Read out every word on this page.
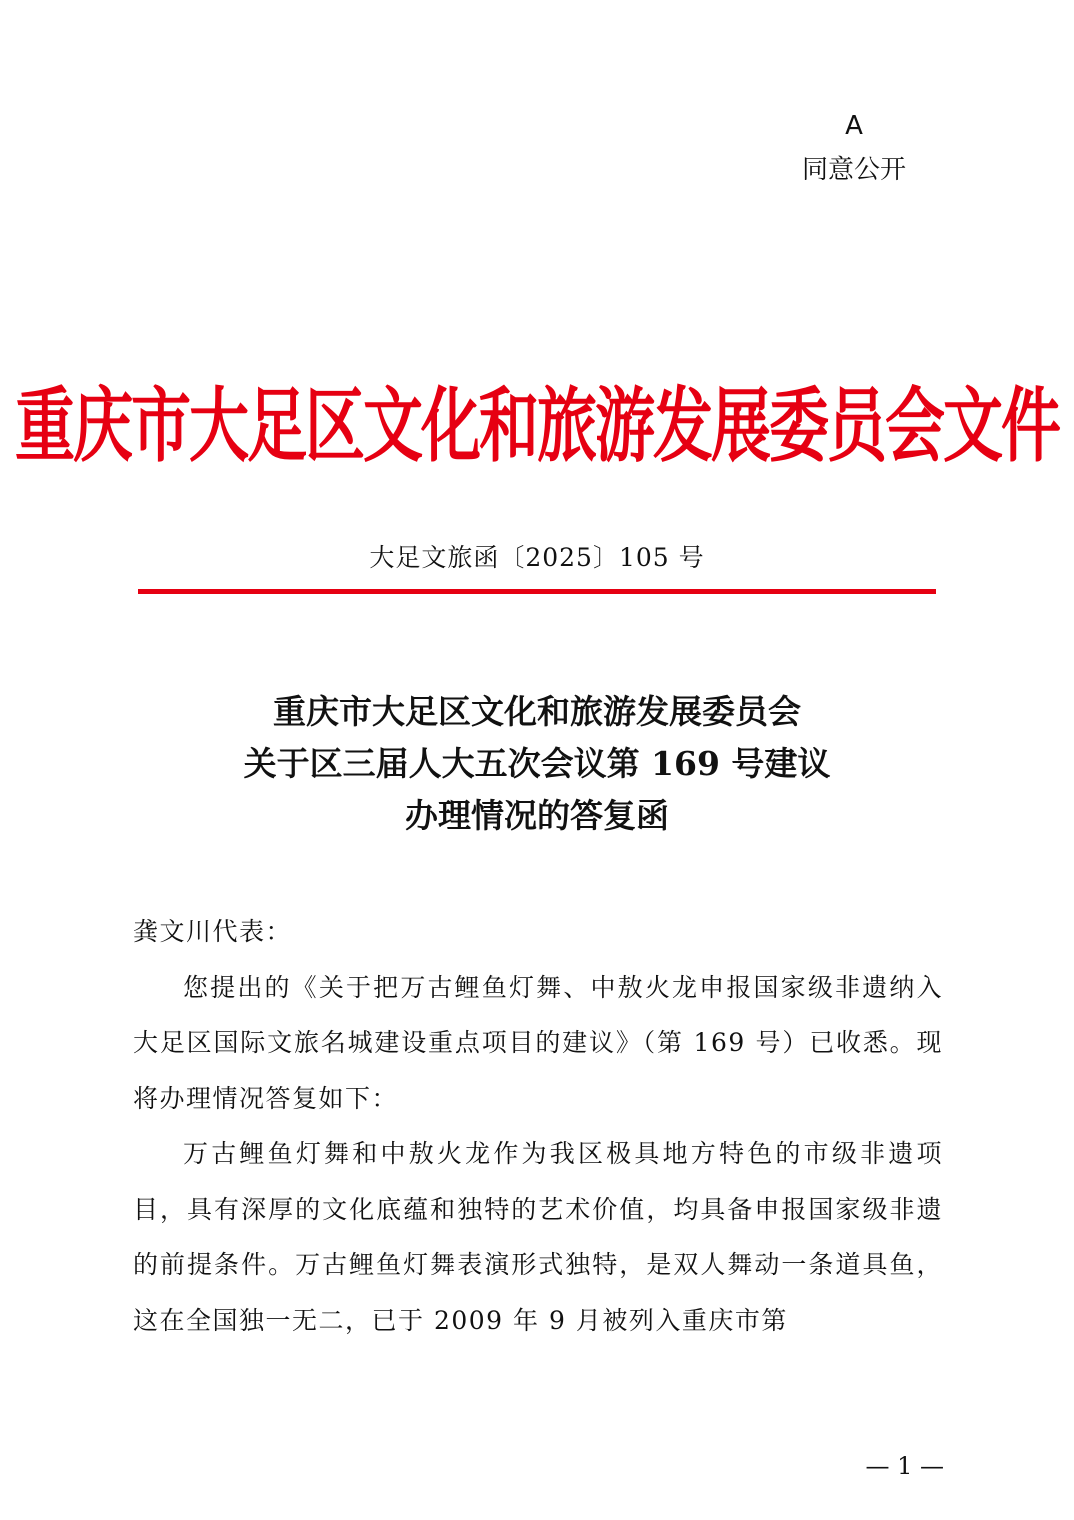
A
同意公开
重庆市大足区文化和旅游发展委员会文件
大足文旅函〔2025〕105 号
重庆市大足区文化和旅游发展委员会
关于区三届人大五次会议第 169 号建议
办理情况的答复函

龚文川代表：

您提出的《关于把万古鲤鱼灯舞、中敖火龙申报国家级非遗纳入大足区国际文旅名城建设重点项目的建议》（第 169 号）已收悉。现将办理情况答复如下：

万古鲤鱼灯舞和中敖火龙作为我区极具地方特色的市级非遗项目，具有深厚的文化底蕴和独特的艺术价值，均具备申报国家级非遗的前提条件。万古鲤鱼灯舞表演形式独特，是双人舞动一条道具鱼，这在全国独一无二，已于 2009 年 9 月被列入重庆市第

— 1 —
